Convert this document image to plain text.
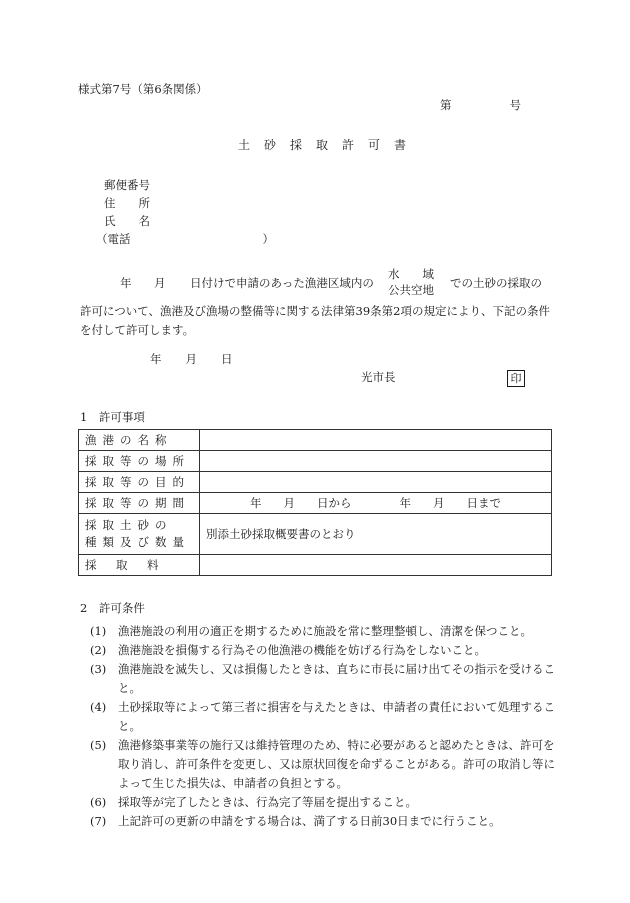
様式第7号（第6条関係）
第	号
土砂採取許可書
郵便番号
住　　所
氏　　名
（電話	）
年 月 日付けで申請のあった漁港区域内の
水　　域
公共空地 での土砂の採取の
許可について、漁港及び漁場の整備等に関する法律第39条第2項の規定により、下記の条件
を付して許可します。
年 月 日
光市長	印
1　許可事項
漁港の名称	
採取等の場所	
採取等の目的	
採取等の期間	年 月 日から 年 月 日まで

採取土砂の
種類及び数量	別添土砂採取概要書のとおり
採　取　料	
2　許可条件
(1)	漁港施設の利用の適正を期するために施設を常に整理整頓し、清潔を保つこと。
(2)	漁港施設を損傷する行為その他漁港の機能を妨げる行為をしないこと。
(3)	漁港施設を滅失し、又は損傷したときは、直ちに市長に届け出てその指示を受けること。
(4)	土砂採取等によって第三者に損害を与えたときは、申請者の責任において処理すること。
(5)	漁港修築事業等の施行又は維持管理のため、特に必要があると認めたときは、許可を取り消し、許可条件を変更し、又は原状回復を命ずることがある。許可の取消し等によって生じた損失は、申請者の負担とする。
(6)	採取等が完了したときは、行為完了等届を提出すること。
(7)	上記許可の更新の申請をする場合は、満了する日前30日までに行うこと。
